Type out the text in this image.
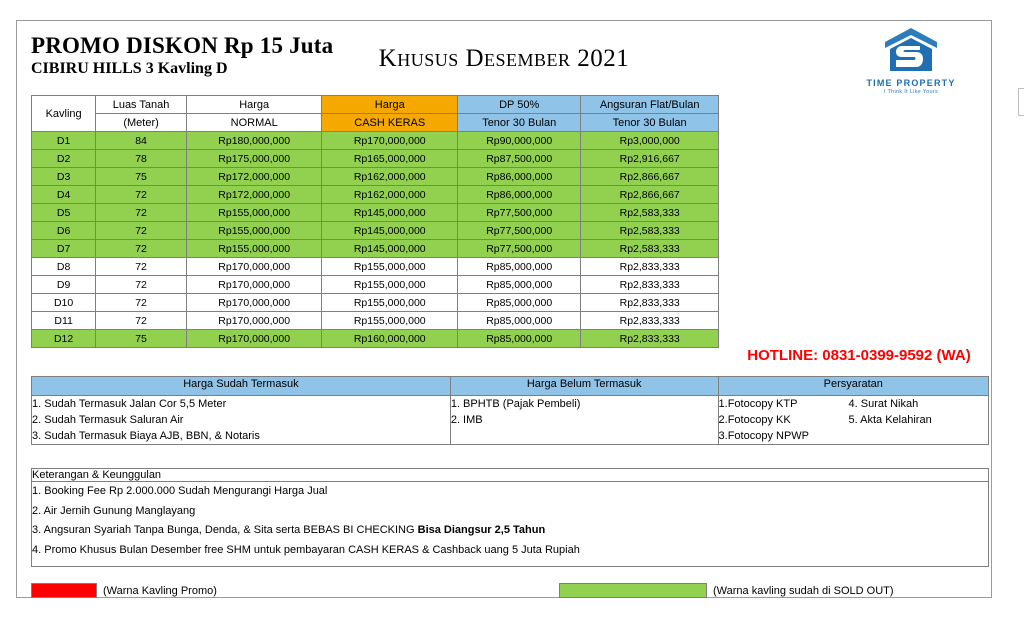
PROMO DISKON Rp 15 Juta
CIBIRU HILLS 3 Kavling D	Khusus Desember 2021
TIME PROPERTY
I Think It Like Yours
Kavling	Luas Tanah	Harga	Harga	DP 50%	Angsuran Flat/Bulan
	(Meter)	NORMAL	CASH KERAS	Tenor 30 Bulan	Tenor 30 Bulan
D1	84	Rp180,000,000	Rp170,000,000	Rp90,000,000	Rp3,000,000
D2	78	Rp175,000,000	Rp165,000,000	Rp87,500,000	Rp2,916,667
D3	75	Rp172,000,000	Rp162,000,000	Rp86,000,000	Rp2,866,667
D4	72	Rp172,000,000	Rp162,000,000	Rp86,000,000	Rp2,866,667
D5	72	Rp155,000,000	Rp145,000,000	Rp77,500,000	Rp2,583,333
D6	72	Rp155,000,000	Rp145,000,000	Rp77,500,000	Rp2,583,333
D7	72	Rp155,000,000	Rp145,000,000	Rp77,500,000	Rp2,583,333
D8	72	Rp170,000,000	Rp155,000,000	Rp85,000,000	Rp2,833,333
D9	72	Rp170,000,000	Rp155,000,000	Rp85,000,000	Rp2,833,333
D10	72	Rp170,000,000	Rp155,000,000	Rp85,000,000	Rp2,833,333
D11	72	Rp170,000,000	Rp155,000,000	Rp85,000,000	Rp2,833,333
D12	75	Rp170,000,000	Rp160,000,000	Rp85,000,000	Rp2,833,333
HOTLINE: 0831-0399-9592 (WA)
Harga Sudah Termasuk	Harga Belum Termasuk	Persyaratan

1. Sudah Termasuk Jalan Cor 5,5 Meter
2. Sudah Termasuk Saluran Air
3. Sudah Termasuk Biaya AJB, BBN, & Notaris

1. BPHTB (Pajak Pembeli)
2. IMB

1.Fotocopy KTP
2.Fotocopy KK
3.Fotocopy NPWP
4. Surat Nikah
5. Akta Kelahiran
Keterangan & Keunggulan

1. Booking Fee Rp 2.000.000 Sudah Mengurangi Harga Jual
2. Air Jernih Gunung Manglayang
3. Angsuran Syariah Tanpa Bunga, Denda, & Sita serta BEBAS BI CHECKING Bisa Diangsur 2,5 Tahun
4. Promo Khusus Bulan Desember free SHM untuk pembayaran CASH KERAS & Cashback uang 5 Juta Rupiah
(Warna Kavling Promo)	(Warna kavling sudah di SOLD OUT)
